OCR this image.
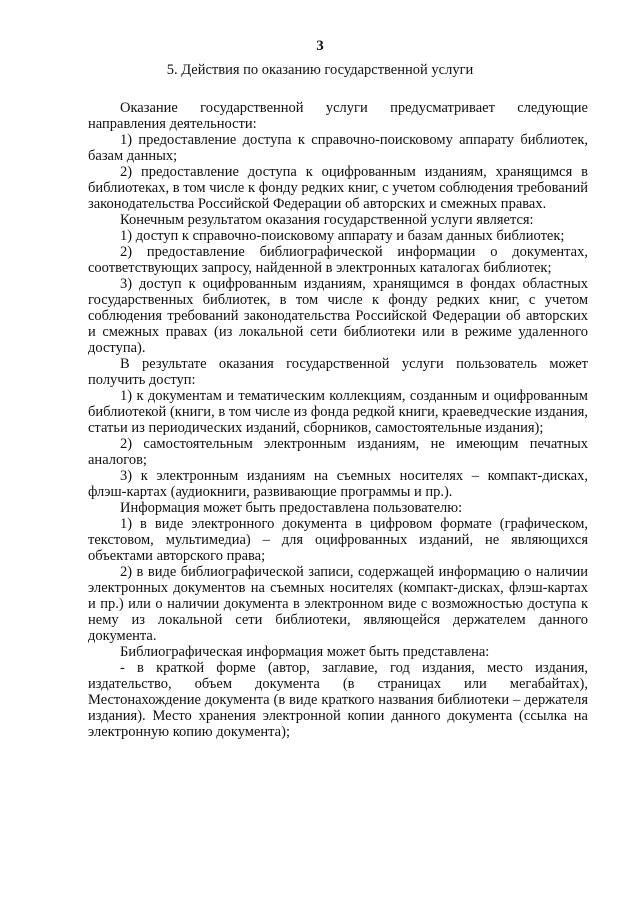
3
5. Действия по оказанию государственной услуги

Оказание государственной услуги предусматривает следующие направления деятельности:

1) предоставление доступа к справочно-поисковому аппарату библиотек, базам данных;

2) предоставление доступа к оцифрованным изданиям, хранящимся в библиотеках, в том числе к фонду редких книг, с учетом соблюдения требований законодательства Российской Федерации об авторских и смежных правах.

Конечным результатом оказания государственной услуги является:

1) доступ к справочно-поисковому аппарату и базам данных библиотек;

2) предоставление библиографической информации о документах, соответствующих запросу, найденной в электронных каталогах библиотек;

3) доступ к оцифрованным изданиям, хранящимся в фондах областных государственных библиотек, в том числе к фонду редких книг, с учетом соблюдения требований законодательства Российской Федерации об авторских и смежных правах (из локальной сети библиотеки или в режиме удаленного доступа).

В результате оказания государственной услуги пользователь может получить доступ:

1) к документам и тематическим коллекциям, созданным и оцифрованным библиотекой (книги, в том числе из фонда редкой книги, краеведческие издания, статьи из периодических изданий, сборников, самостоятельные издания);

2) самостоятельным электронным изданиям, не имеющим печатных аналогов;

3) к электронным изданиям на съемных носителях – компакт-дисках, флэш-картах (аудиокниги, развивающие программы и пр.).

Информация может быть предоставлена пользователю:

1) в виде электронного документа в цифровом формате (графическом, текстовом, мультимедиа) – для оцифрованных изданий, не являющихся объектами авторского права;

2) в виде библиографической записи, содержащей информацию о наличии электронных документов на съемных носителях (компакт-дисках, флэш-картах и пр.) или о наличии документа в электронном виде с возможностью доступа к нему из локальной сети библиотеки, являющейся держателем данного документа.

Библиографическая информация может быть представлена:

- в краткой форме (автор, заглавие, год издания, место издания, издательство, объем документа (в страницах или мегабайтах), Местонахождение документа (в виде краткого названия библиотеки – держателя издания). Место хранения электронной копии данного документа (ссылка на электронную копию документа);
